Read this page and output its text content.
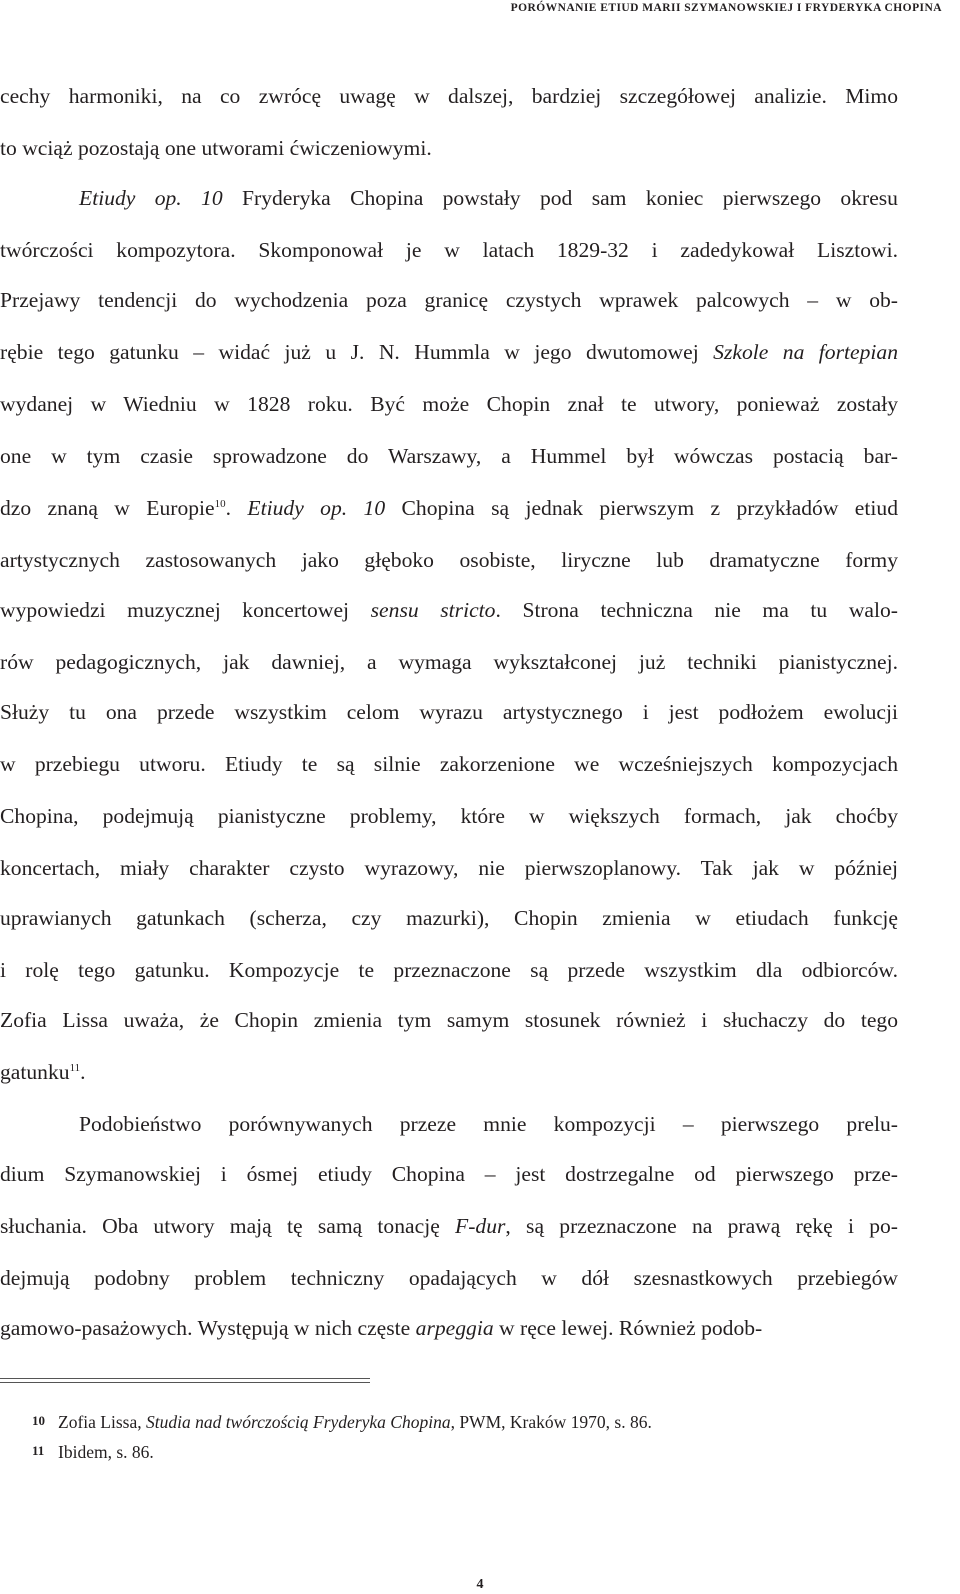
PORÓWNANIE ETIUD MARII SZYMANOWSKIEJ I FRYDERYKA CHOPINA
cechy harmoniki, na co zwrócę uwagę w dalszej, bardziej szczegółowej analizie. Mimo
to wciąż pozostają one utworami ćwiczeniowymi.
Etiudy op. 10 Fryderyka Chopina powstały pod sam koniec pierwszego okresu
twórczości kompozytora. Skomponował je w latach 1829-32 i zadedykował Lisztowi.
Przejawy tendencji do wychodzenia poza granicę czystych wprawek palcowych – w ob-
rębie tego gatunku – widać już u J. N. Hummla w jego dwutomowej Szkole na fortepian
wydanej w Wiedniu w 1828 roku. Być może Chopin znał te utwory, ponieważ zostały
one w tym czasie sprowadzone do Warszawy, a Hummel był wówczas postacią bar-
dzo znaną w Europie$^{10}$. Etiudy op. 10 Chopina są jednak pierwszym z przykładów etiud
artystycznych zastosowanych jako głęboko osobiste, liryczne lub dramatyczne formy
wypowiedzi muzycznej koncertowej sensu stricto. Strona techniczna nie ma tu walo-
rów pedagogicznych, jak dawniej, a wymaga wykształconej już techniki pianistycznej.
Służy tu ona przede wszystkim celom wyrazu artystycznego i jest podłożem ewolucji
w przebiegu utworu. Etiudy te są silnie zakorzenione we wcześniejszych kompozycjach
Chopina, podejmują pianistyczne problemy, które w większych formach, jak choćby
koncertach, miały charakter czysto wyrazowy, nie pierwszoplanowy. Tak jak w później
uprawianych gatunkach (scherza, czy mazurki), Chopin zmienia w etiudach funkcję
i rolę tego gatunku. Kompozycje te przeznaczone są przede wszystkim dla odbiorców.
Zofia Lissa uważa, że Chopin zmienia tym samym stosunek również i słuchaczy do tego
gatunku$^{11}$.
Podobieństwo porównywanych przeze mnie kompozycji – pierwszego prelu-
dium Szymanowskiej i ósmej etiudy Chopina – jest dostrzegalne od pierwszego prze-
słuchania. Oba utwory mają tę samą tonację F-dur, są przeznaczone na prawą rękę i po-
dejmują podobny problem techniczny opadających w dół szesnastkowych przebiegów
gamowo-pasażowych. Występują w nich częste arpeggia w ręce lewej. Również podob-
10 Zofia Lissa, Studia nad twórczością Fryderyka Chopina, PWM, Kraków 1970, s. 86.
11 Ibidem, s. 86.
4
